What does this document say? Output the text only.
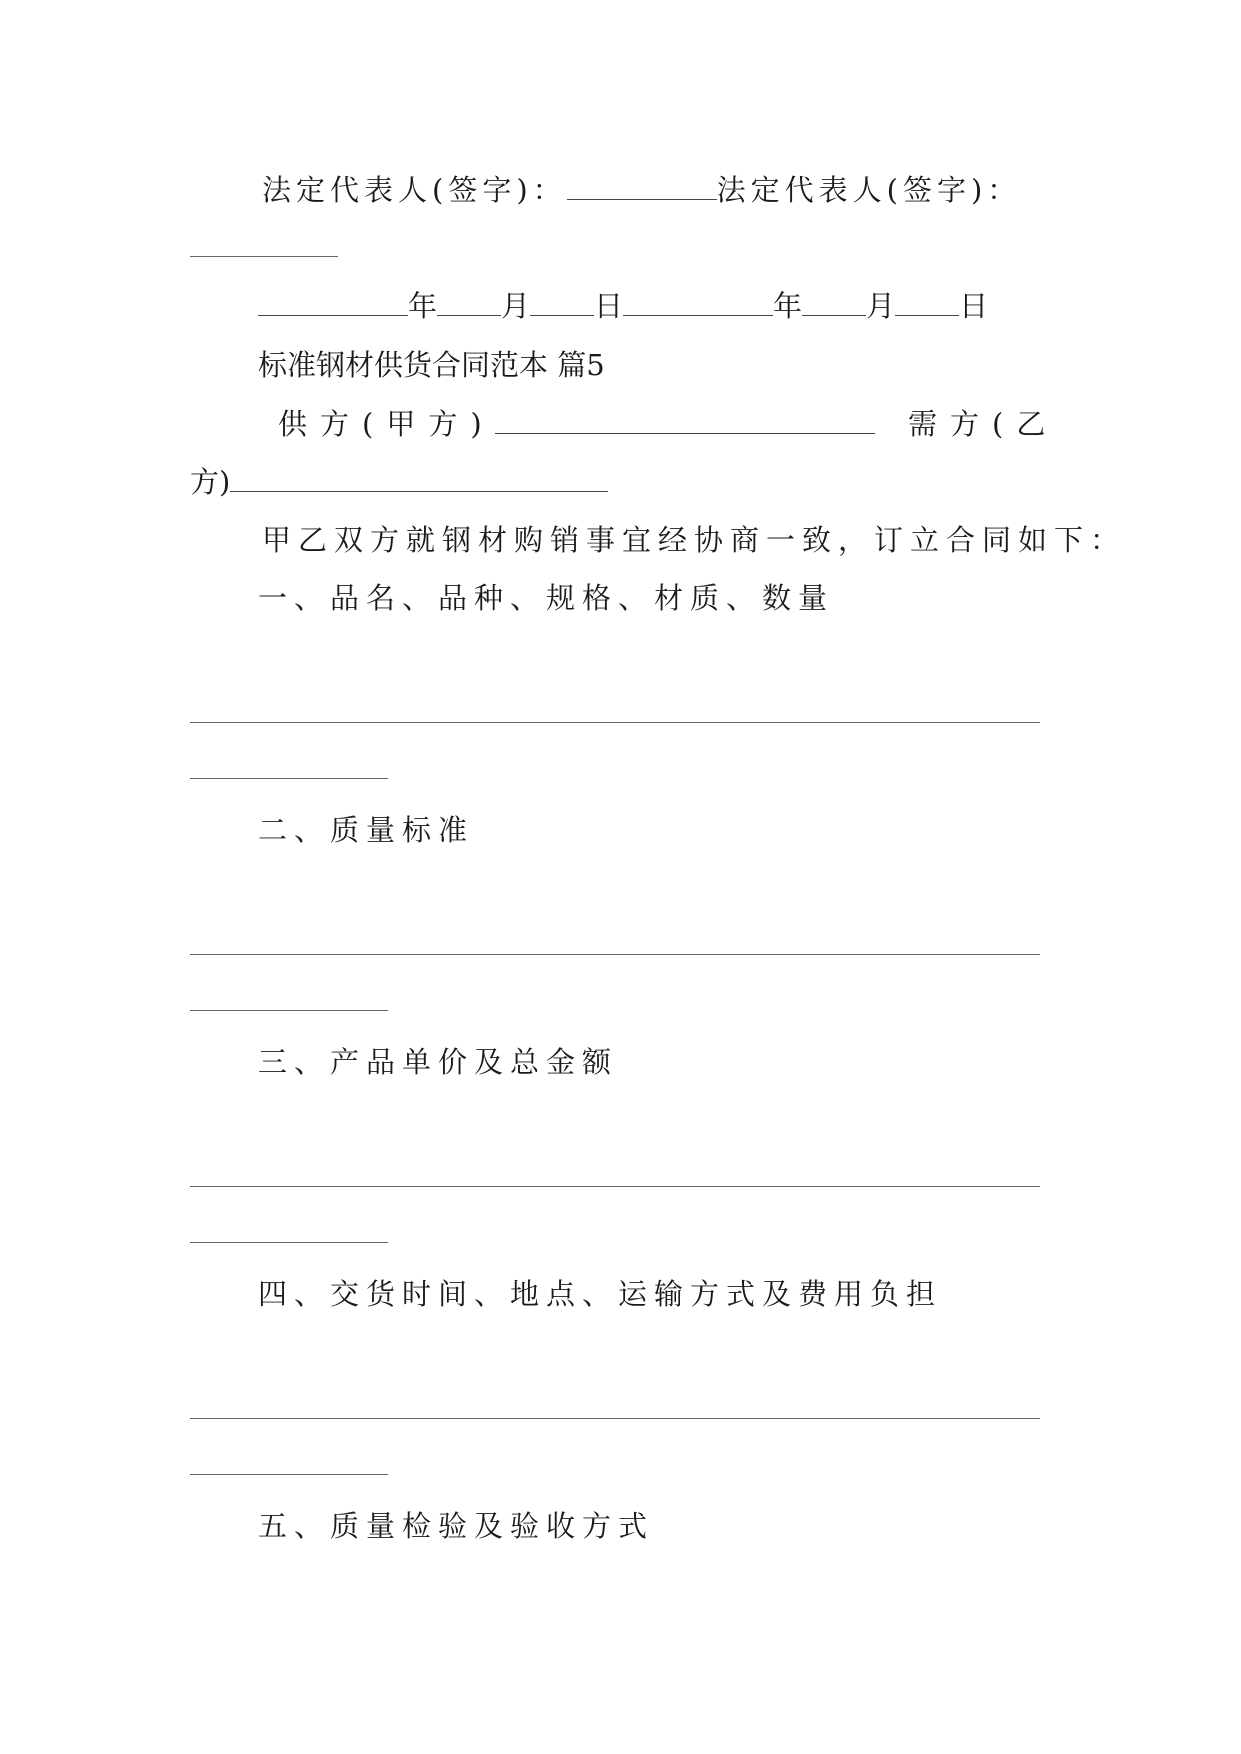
法定代表人(签字)：	法定代表人(签字)：
年 月 日	年 月 日
标准钢材供货合同范本 篇5
供方(甲方)	需方(乙
方)
甲乙双方就钢材购销事宜经协商一致，订立合同如下：
一、品名、品种、规格、材质、数量
二、质量标准
三、产品单价及总金额
四、交货时间、地点、运输方式及费用负担
五、质量检验及验收方式
